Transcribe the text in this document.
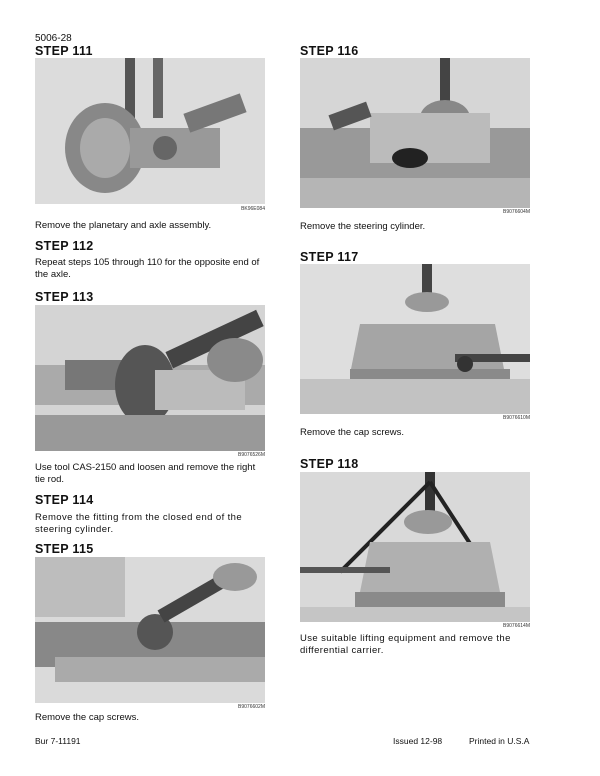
5006-28
STEP 111
BK96E084
Remove the planetary and axle assembly.
STEP 112
Repeat steps 105 through 110 for the opposite end of the axle.
STEP 113
B9076526M
Use tool CAS-2150 and loosen and remove the right tie rod.
STEP 114
Remove the fitting from the closed end of the steering cylinder.
STEP 115
B9076602M
Remove the cap screws.
STEP 116
B9076604M
Remove the steering cylinder.
STEP 117
B9076610M
Remove the cap screws.
STEP 118
B9076614M
Use suitable lifting equipment and remove the differential carrier.
Bur 7-11191	Issued 12-98	Printed in U.S.A
